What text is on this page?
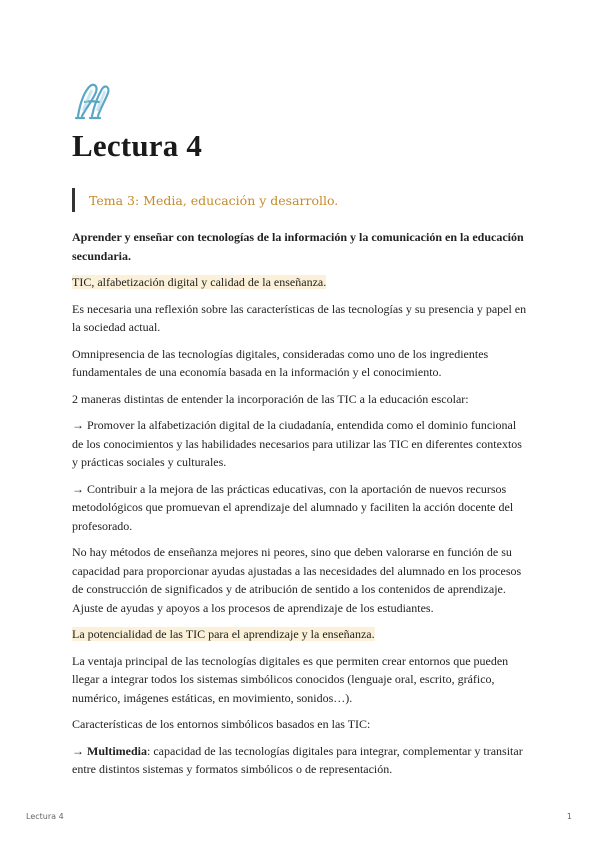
Lectura 4
Tema 3: Media, educación y desarrollo.

Aprender y enseñar con tecnologías de la información y la comunicación en la educación secundaria.

TIC, alfabetización digital y calidad de la enseñanza.

Es necesaria una reflexión sobre las características de las tecnologías y su presencia y papel en la sociedad actual.

Omnipresencia de las tecnologías digitales, consideradas como uno de los ingredientes fundamentales de una economía basada en la información y el conocimiento.

2 maneras distintas de entender la incorporación de las TIC a la educación escolar:

→ Promover la alfabetización digital de la ciudadanía, entendida como el dominio funcional de los conocimientos y las habilidades necesarios para utilizar las TIC en diferentes contextos y prácticas sociales y culturales.

→ Contribuir a la mejora de las prácticas educativas, con la aportación de nuevos recursos metodológicos que promuevan el aprendizaje del alumnado y faciliten la acción docente del profesorado.

No hay métodos de enseñanza mejores ni peores, sino que deben valorarse en función de su capacidad para proporcionar ayudas ajustadas a las necesidades del alumnado en los procesos de construcción de significados y de atribución de sentido a los contenidos de aprendizaje. Ajuste de ayudas y apoyos a los procesos de aprendizaje de los estudiantes.

La potencialidad de las TIC para el aprendizaje y la enseñanza.

La ventaja principal de las tecnologías digitales es que permiten crear entornos que pueden llegar a integrar todos los sistemas simbólicos conocidos (lenguaje oral, escrito, gráfico, numérico, imágenes estáticas, en movimiento, sonidos…).

Características de los entornos simbólicos basados en las TIC:

→ Multimedia: capacidad de las tecnologías digitales para integrar, complementar y transitar entre distintos sistemas y formatos simbólicos o de representación.

Lectura 4	1
